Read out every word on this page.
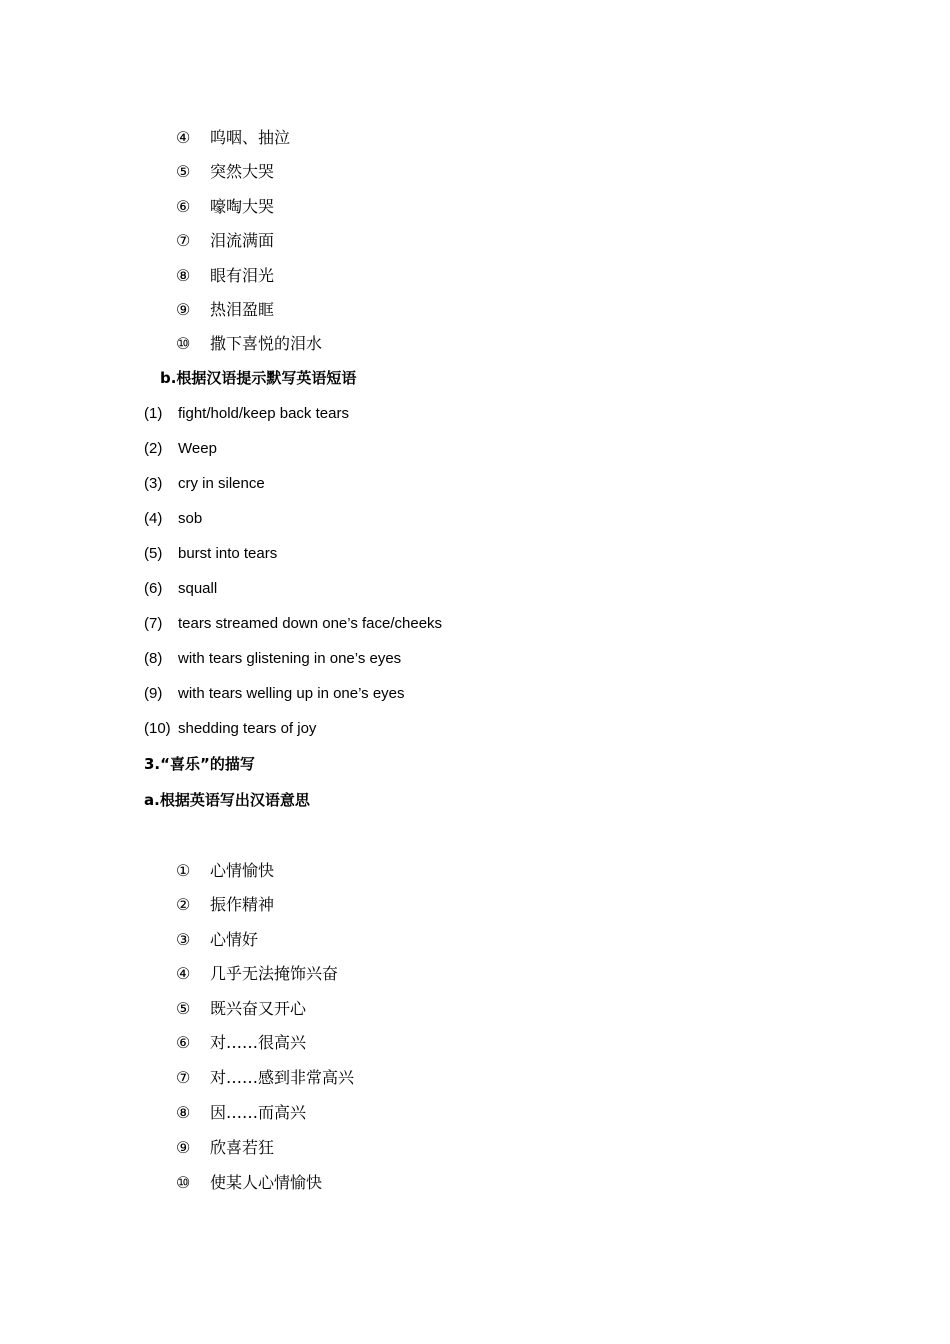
④ 呜咽、抽泣
⑤ 突然大哭
⑥ 嚎啕大哭
⑦ 泪流满面
⑧ 眼有泪光
⑨ 热泪盈眶
⑩ 撒下喜悦的泪水
b.根据汉语提示默写英语短语
(1) fight/hold/keep back tears
(2) Weep
(3) cry in silence
(4) sob
(5) burst into tears
(6) squall
(7) tears streamed down one’s face/cheeks
(8) with tears glistening in one’s eyes
(9) with tears welling up in one’s eyes
(10) shedding tears of joy
3.“喜乐”的描写
a.根据英语写出汉语意思
① 心情愉快
② 振作精神
③ 心情好
④ 几乎无法掩饰兴奋
⑤ 既兴奋又开心
⑥ 对……很高兴
⑦ 对……感到非常高兴
⑧ 因……而高兴
⑨ 欣喜若狂
⑩ 使某人心情愉快
